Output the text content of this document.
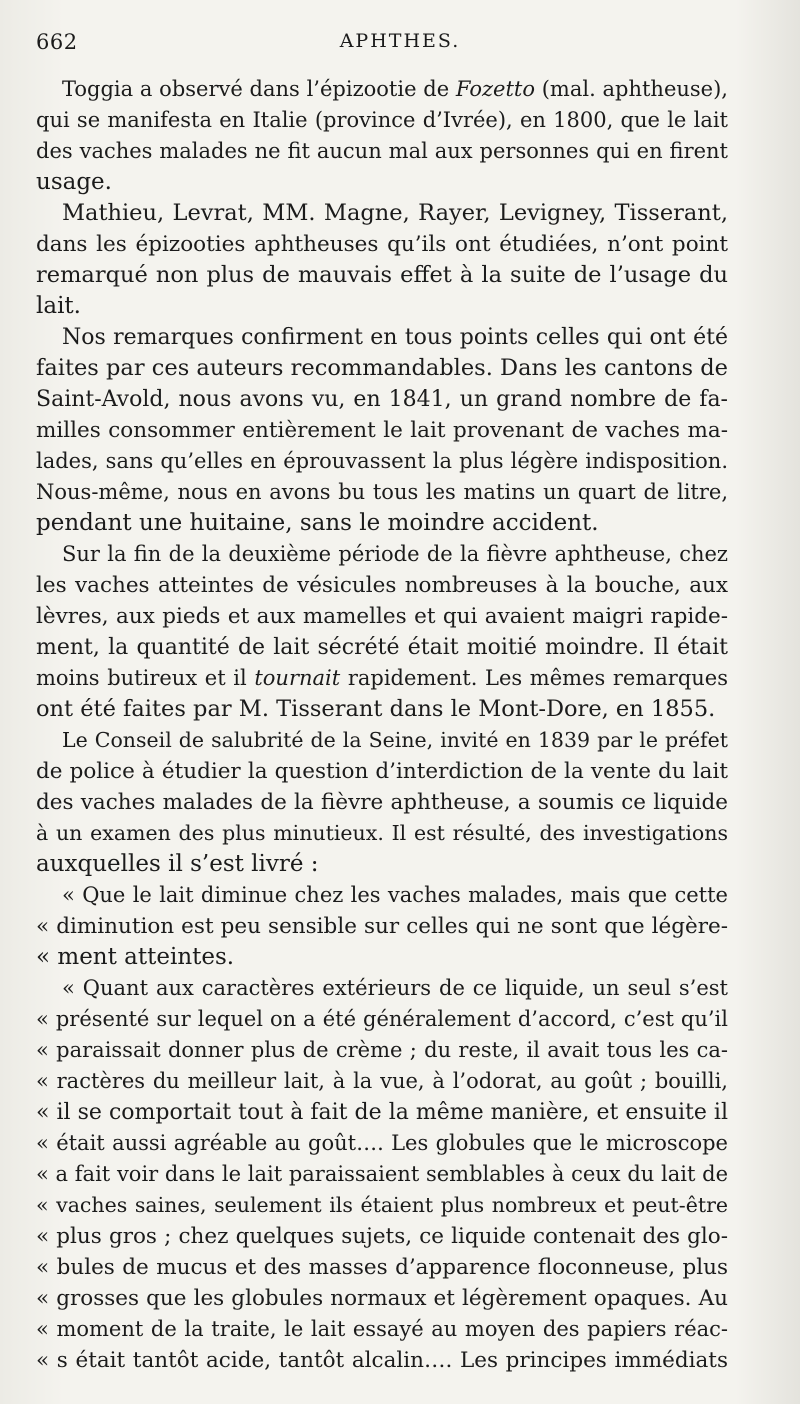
662	APHTHES.
Toggia a observé dans l’épizootie de Fozetto (mal. aphtheuse),
qui se manifesta en Italie (province d’Ivrée), en 1800, que le lait
des vaches malades ne fit aucun mal aux personnes qui en firent
usage.
Mathieu, Levrat, MM. Magne, Rayer, Levigney, Tisserant,
dans les épizooties aphtheuses qu’ils ont étudiées, n’ont point
remarqué non plus de mauvais effet à la suite de l’usage du
lait.
Nos remarques confirment en tous points celles qui ont été
faites par ces auteurs recommandables. Dans les cantons de
Saint-Avold, nous avons vu, en 1841, un grand nombre de fa-
milles consommer entièrement le lait provenant de vaches ma-
lades, sans qu’elles en éprouvassent la plus légère indisposition.
Nous-même, nous en avons bu tous les matins un quart de litre,
pendant une huitaine, sans le moindre accident.
Sur la fin de la deuxième période de la fièvre aphtheuse, chez
les vaches atteintes de vésicules nombreuses à la bouche, aux
lèvres, aux pieds et aux mamelles et qui avaient maigri rapide-
ment, la quantité de lait sécrété était moitié moindre. Il était
moins butireux et il tournait rapidement. Les mêmes remarques
ont été faites par M. Tisserant dans le Mont-Dore, en 1855.
Le Conseil de salubrité de la Seine, invité en 1839 par le préfet
de police à étudier la question d’interdiction de la vente du lait
des vaches malades de la fièvre aphtheuse, a soumis ce liquide
à un examen des plus minutieux. Il est résulté, des investigations
auxquelles il s’est livré :
« Que le lait diminue chez les vaches malades, mais que cette
« diminution est peu sensible sur celles qui ne sont que légère-
« ment atteintes.
« Quant aux caractères extérieurs de ce liquide, un seul s’est
« présenté sur lequel on a été généralement d’accord, c’est qu’il
« paraissait donner plus de crème ; du reste, il avait tous les ca-
« ractères du meilleur lait, à la vue, à l’odorat, au goût ; bouilli,
« il se comportait tout à fait de la même manière, et ensuite il
« était aussi agréable au goût…. Les globules que le microscope
« a fait voir dans le lait paraissaient semblables à ceux du lait de
« vaches saines, seulement ils étaient plus nombreux et peut-être
« plus gros ; chez quelques sujets, ce liquide contenait des glo-
« bules de mucus et des masses d’apparence floconneuse, plus
« grosses que les globules normaux et légèrement opaques. Au
« moment de la traite, le lait essayé au moyen des papiers réac-
« s était tantôt acide, tantôt alcalin…. Les principes immédiats
